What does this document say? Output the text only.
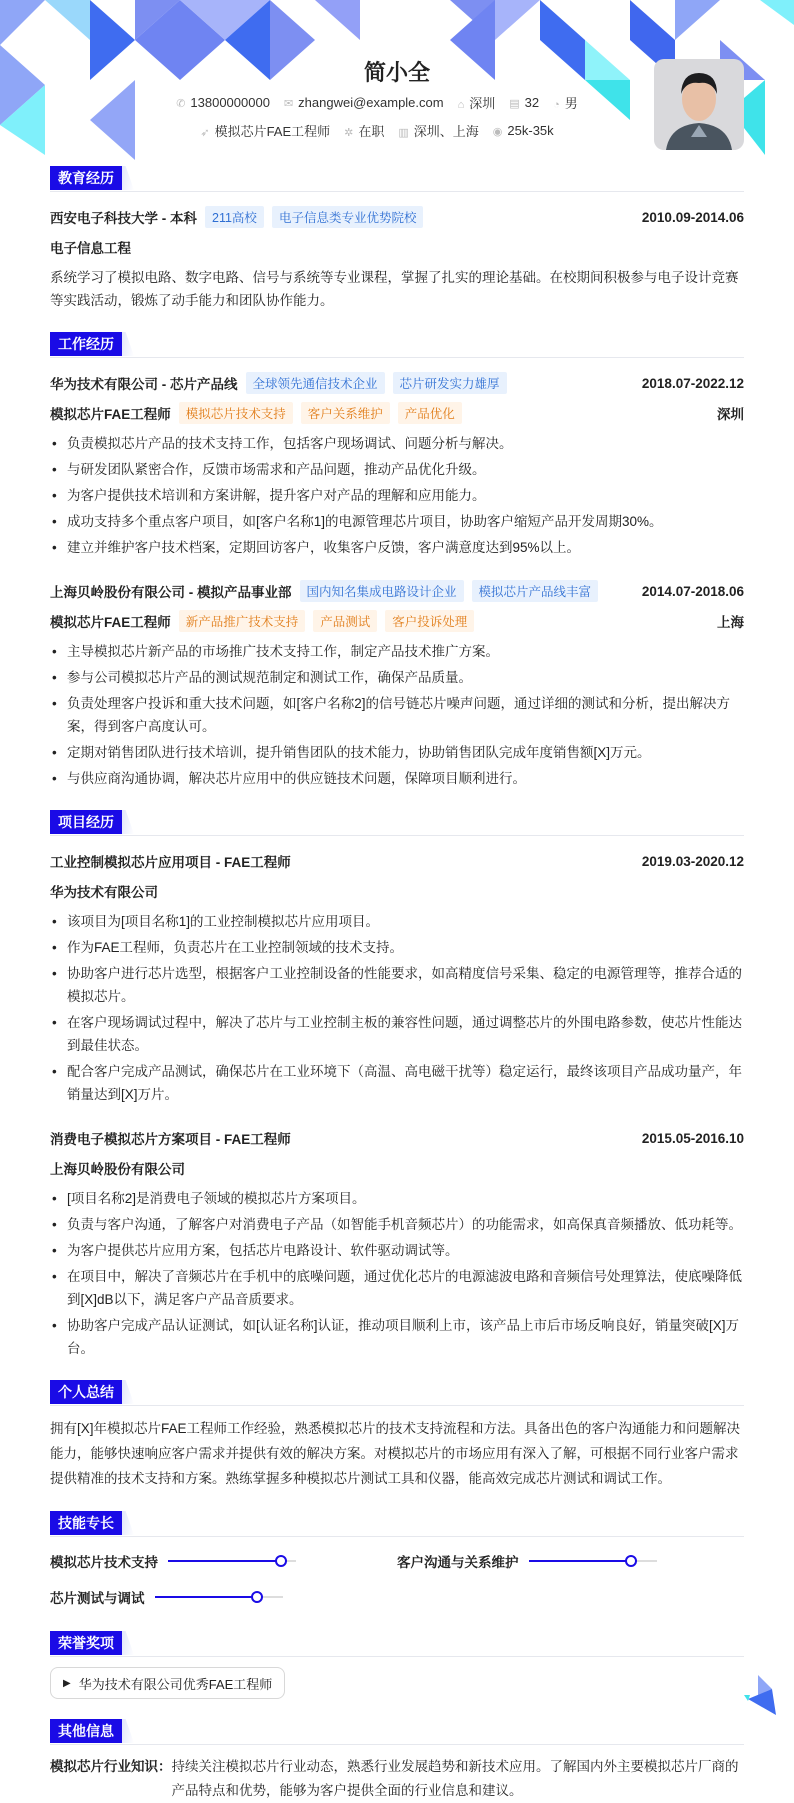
简小全
✆ 13800000000 ✉ zhangwei@example.com ⌂ 深圳 ▤ 32 ◔ 男
➶ 模拟芯片FAE工程师 ✲ 在职 ▥ 深圳、上海 ◉ 25k-35k
教育经历
西安电子科技大学 - 本科	211高校	电子信息类专业优势院校	2010.09-2014.06
电子信息工程
系统学习了模拟电路、数字电路、信号与系统等专业课程，掌握了扎实的理论基础。在校期间积极参与电子设计竞赛等实践活动，锻炼了动手能力和团队协作能力。
工作经历
华为技术有限公司 - 芯片产品线	全球领先通信技术企业	芯片研发实力雄厚	2018.07-2022.12
模拟芯片FAE工程师	模拟芯片技术支持	客户关系维护	产品优化	深圳
• 负责模拟芯片产品的技术支持工作，包括客户现场调试、问题分析与解决。
• 与研发团队紧密合作，反馈市场需求和产品问题，推动产品优化升级。
• 为客户提供技术培训和方案讲解，提升客户对产品的理解和应用能力。
• 成功支持多个重点客户项目，如[客户名称1]的电源管理芯片项目，协助客户缩短产品开发周期30%。
• 建立并维护客户技术档案，定期回访客户，收集客户反馈，客户满意度达到95%以上。
上海贝岭股份有限公司 - 模拟产品事业部	国内知名集成电路设计企业	模拟芯片产品线丰富	2014.07-2018.06
模拟芯片FAE工程师	新产品推广技术支持	产品测试	客户投诉处理	上海
• 主导模拟芯片新产品的市场推广技术支持工作，制定产品技术推广方案。
• 参与公司模拟芯片产品的测试规范制定和测试工作，确保产品质量。
• 负责处理客户投诉和重大技术问题，如[客户名称2]的信号链芯片噪声问题，通过详细的测试和分析，提出解决方案，得到客户高度认可。
• 定期对销售团队进行技术培训，提升销售团队的技术能力，协助销售团队完成年度销售额[X]万元。
• 与供应商沟通协调，解决芯片应用中的供应链技术问题，保障项目顺利进行。
项目经历
工业控制模拟芯片应用项目 - FAE工程师	2019.03-2020.12
华为技术有限公司
• 该项目为[项目名称1]的工业控制模拟芯片应用项目。
• 作为FAE工程师，负责芯片在工业控制领域的技术支持。
• 协助客户进行芯片选型，根据客户工业控制设备的性能要求，如高精度信号采集、稳定的电源管理等，推荐合适的模拟芯片。
• 在客户现场调试过程中，解决了芯片与工业控制主板的兼容性问题，通过调整芯片的外围电路参数，使芯片性能达到最佳状态。
• 配合客户完成产品测试，确保芯片在工业环境下（高温、高电磁干扰等）稳定运行，最终该项目产品成功量产，年销量达到[X]万片。
消费电子模拟芯片方案项目 - FAE工程师	2015.05-2016.10
上海贝岭股份有限公司
• [项目名称2]是消费电子领域的模拟芯片方案项目。
• 负责与客户沟通，了解客户对消费电子产品（如智能手机音频芯片）的功能需求，如高保真音频播放、低功耗等。
• 为客户提供芯片应用方案，包括芯片电路设计、软件驱动调试等。
• 在项目中，解决了音频芯片在手机中的底噪问题，通过优化芯片的电源滤波电路和音频信号处理算法，使底噪降低到[X]dB以下，满足客户产品音质要求。
• 协助客户完成产品认证测试，如[认证名称]认证，推动项目顺利上市，该产品上市后市场反响良好，销量突破[X]万台。
个人总结
拥有[X]年模拟芯片FAE工程师工作经验，熟悉模拟芯片的技术支持流程和方法。具备出色的客户沟通能力和问题解决能力，能够快速响应客户需求并提供有效的解决方案。对模拟芯片的市场应用有深入了解，可根据不同行业客户需求提供精准的技术支持和方案。熟练掌握多种模拟芯片测试工具和仪器，能高效完成芯片测试和调试工作。
技能专长
模拟芯片技术支持	客户沟通与关系维护
芯片测试与调试
荣誉奖项
▶ 华为技术有限公司优秀FAE工程师
其他信息
模拟芯片行业知识： 持续关注模拟芯片行业动态，熟悉行业发展趋势和新技术应用。了解国内外主要模拟芯片厂商的产品特点和优势，能够为客户提供全面的行业信息和建议。
